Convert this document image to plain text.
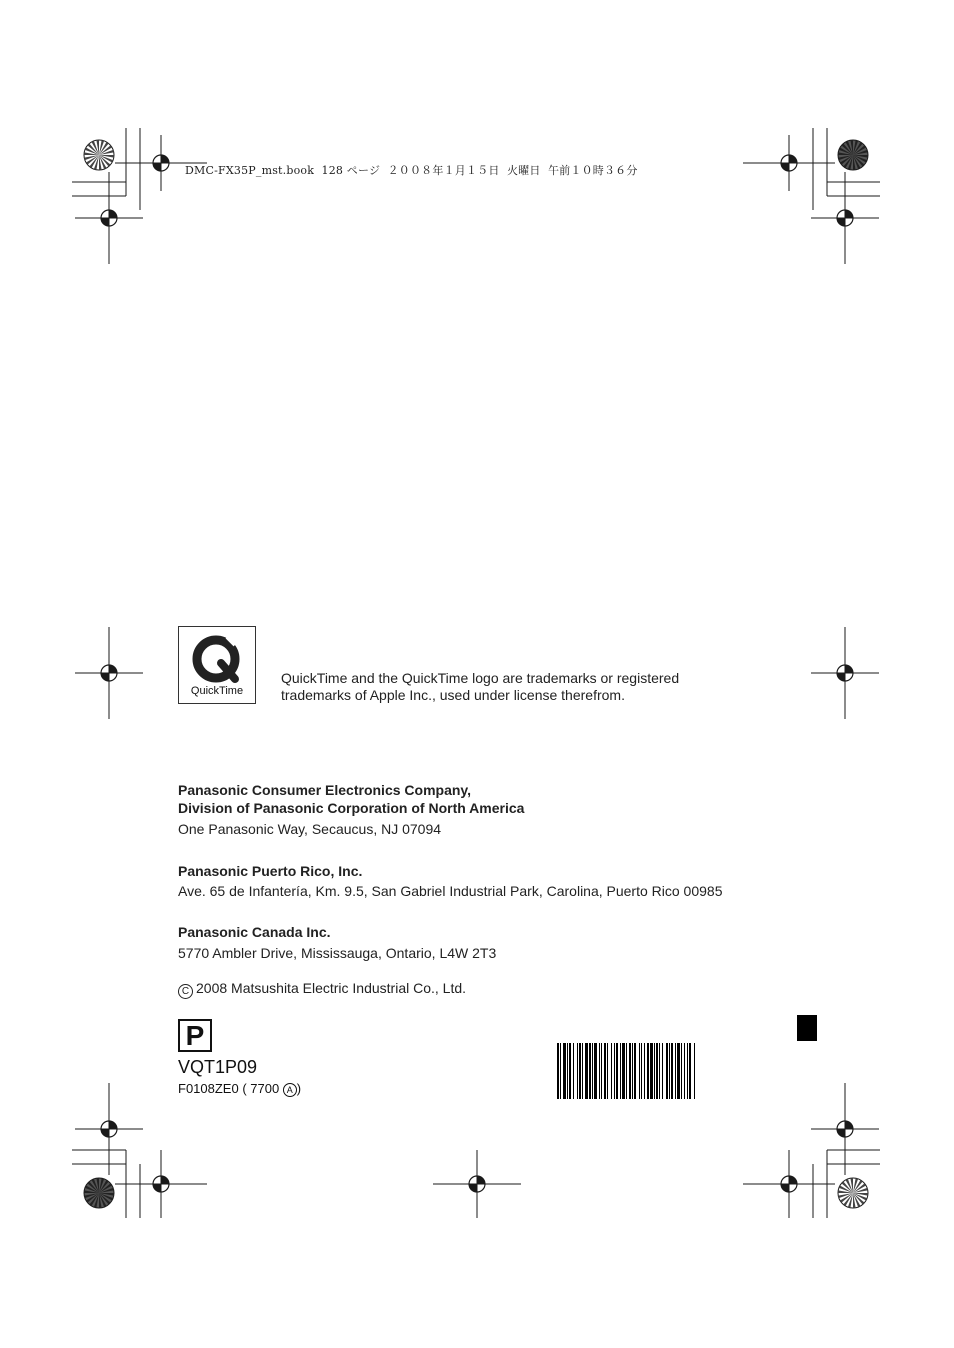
DMC-FX35P_mst.book  128 ページ  ２００８年１月１５日  火曜日  午前１０時３６分
QuickTime
QuickTime and the QuickTime logo are trademarks or registered
trademarks of Apple Inc., used under license therefrom.
Panasonic Consumer Electronics Company,
Division of Panasonic Corporation of North America
One Panasonic Way, Secaucus, NJ 07094
Panasonic Puerto Rico, Inc.
Ave. 65 de Infantería, Km. 9.5, San Gabriel Industrial Park, Carolina, Puerto Rico 00985
Panasonic Canada Inc.
5770 Ambler Drive, Mississauga, Ontario, L4W 2T3
C 2008 Matsushita Electric Industrial Co., Ltd.
P
VQT1P09
F0108ZE0 ( 7700 A )
